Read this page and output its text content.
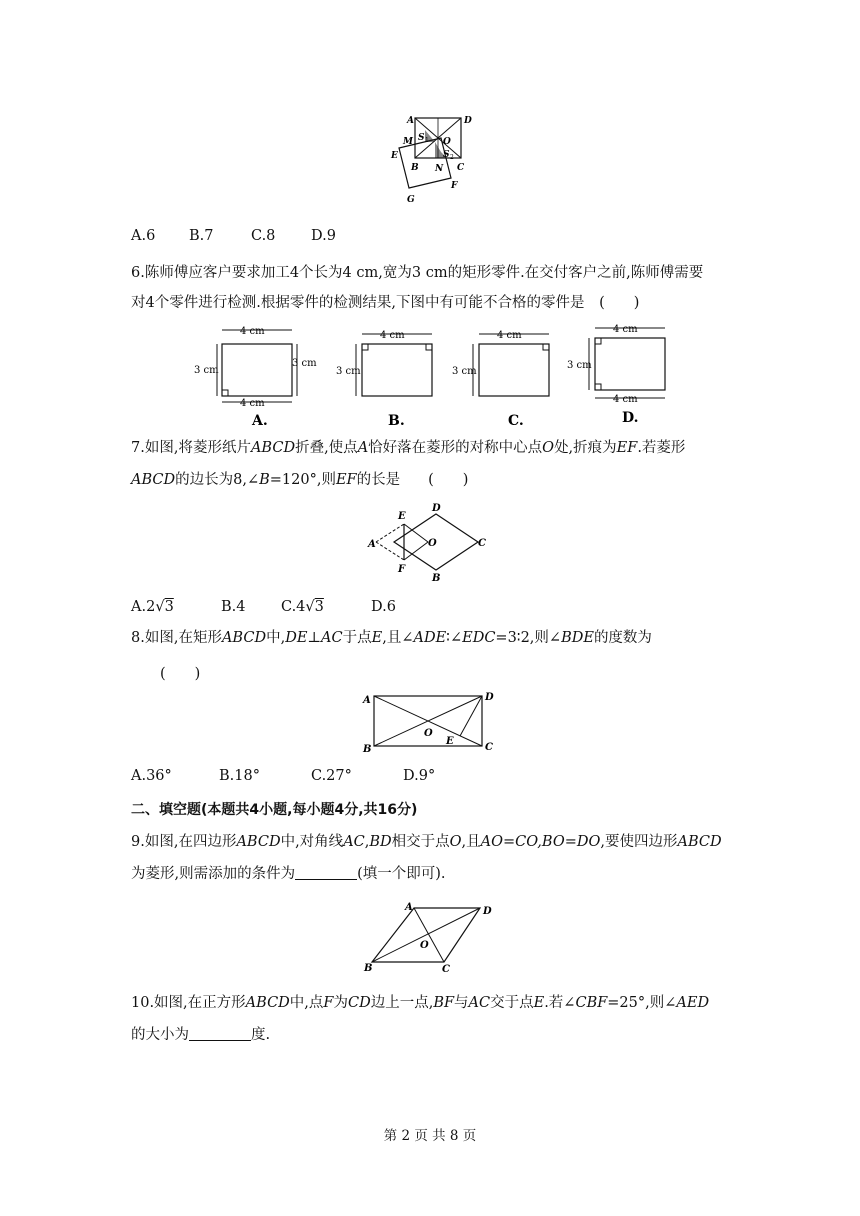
A	D
M S 1 O
E	S 2
B N C
F
G
A.6 B.7	C.8 D.9
6.陈师傅应客户要求加工4个长为4 cm,宽为3 cm的矩形零件.在交付客户之前,陈师傅需要
对4个零件进行检测.根据零件的检测结果,下图中有可能不合格的零件是 (　　)
4 cm
4 cm
3 cm
3 cm
A.
4 cm
3 cm
B.
4 cm
3 cm
C.
4 cm
4 cm
3 cm
D.
7.如图,将菱形纸片ABCD折叠,使点A恰好落在菱形的对称中心点O处,折痕为EF.若菱形
ABCD的边长为8,∠B=120°,则EF的长是 (　　)
E
D
A	O	C
F
B
A.2√3	B.4 C.4√3	D.6
8.如图,在矩形ABCD中,DE⊥AC于点E,且∠ADE∶∠EDC=3∶2,则∠BDE的度数为
(　　)
A	D
O
E
B	C
A.36°	B.18°	C.27°	D.9°
二、填空题(本题共4小题,每小题4分,共16分)
9.如图,在四边形ABCD中,对角线AC,BD相交于点O,且AO=CO,BO=DO,要使四边形ABCD
为菱形,则需添加的条件为	(填一个即可).
A	D
O
B	C
10.如图,在正方形ABCD中,点F为CD边上一点,BF与AC交于点E.若∠CBF=25°,则∠AED
的大小为	度.
第 2 页 共 8 页
